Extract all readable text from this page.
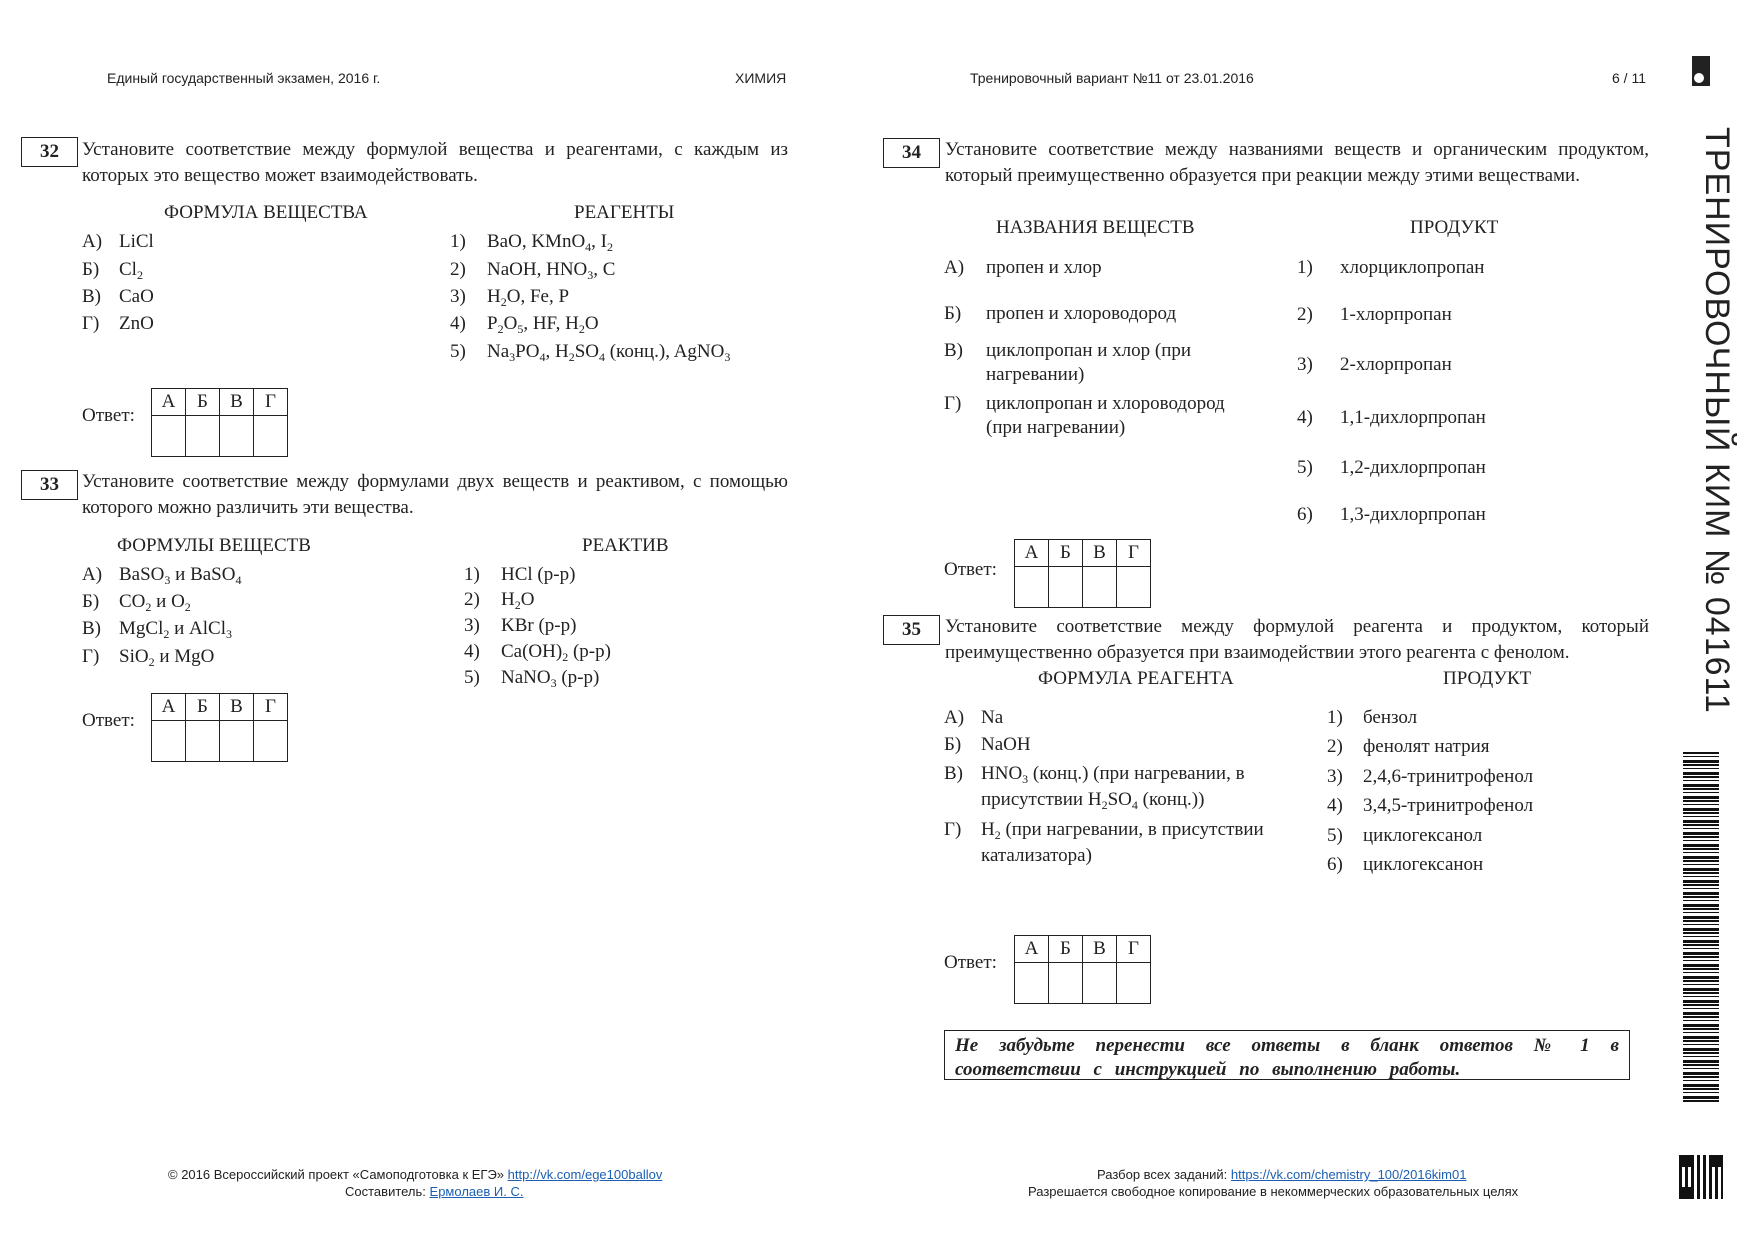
Единый государственный экзамен, 2016 г.	ХИМИЯ	Тренировочный вариант №11 от 23.01.2016	6 / 11
ТРЕНИРОВОЧНЫЙ КИМ № 041611
32	Установите соответствие между формулой вещества и реагентами, с каждым из которых это вещество может взаимодействовать.
ФОРМУЛА ВЕЩЕСТВА	РЕАГЕНТЫ
А) LiCl
Б) $Cl_2$
В) CaO
Г) ZnO
1) BaO, KMnO$_4$, $I_2$
2) NaOH, $HNO_3$, C
3) $H_2O$, Fe, P
4) $P_2O_5$, HF, $H_2O$
5) $Na_3PO_4$, $H_2SO_4$ (конц.), AgNO$_3$
Ответ:
А	Б	В	Г

33	Установите соответствие между формулами двух веществ и реактивом, с помощью которого можно различить эти вещества.
ФОРМУЛЫ ВЕЩЕСТВ	РЕАКТИВ
А) BaSO$_3$ и BaSO$_4$
Б) $CO_2$ и $O_2$
В) MgCl$_2$ и AlCl$_3$
Г) SiO$_2$ и MgO
1) HCl (р-р)
2) $H_2O$
3) KBr (р-р)
4) $Ca(OH)_2$ (р-р)
5) NaNO$_3$ (р-р)
Ответ:
А	Б	В	Г

34	Установите соответствие между названиями веществ и органическим продуктом, который преимущественно образуется при реакции между этими веществами.
НАЗВАНИЯ ВЕЩЕСТВ	ПРОДУКТ
А) пропен и хлор
Б) пропен и хлороводород
В) циклопропан и хлор (при нагревании)
Г) циклопропан и хлороводород (при нагревании)
1) хлорциклопропан
2) 1-хлорпропан
3) 2-хлорпропан
4) 1,1-дихлорпропан
5) 1,2-дихлорпропан
6) 1,3-дихлорпропан
Ответ:
А	Б	В	Г

35	Установите соответствие между формулой реагента и продуктом, который преимущественно образуется при взаимодействии этого реагента с фенолом.
ФОРМУЛА РЕАГЕНТА	ПРОДУКТ
А) Na
Б) NaOH
В) $HNO_3$ (конц.) (при нагревании, в
присутствии $H_2SO_4$ (конц.))
Г) $H_2$ (при нагревании, в присутствии
катализатора)
1) бензол
2) фенолят натрия
3) 2,4,6-тринитрофенол
4) 3,4,5-тринитрофенол
5) циклогексанол
6) циклогексанон
Ответ:
А	Б	В	Г

Не забудьте перенести все ответы в бланк ответов № 1 в соответствии с инструкцией по выполнению работы.
© 2016 Всероссийский проект «Самоподготовка к ЕГЭ» http://vk.com/ege100ballov
Составитель: Ермолаев И. С.
Разбор всех заданий: https://vk.com/chemistry_100/2016kim01
Разрешается свободное копирование в некоммерческих образовательных целях
